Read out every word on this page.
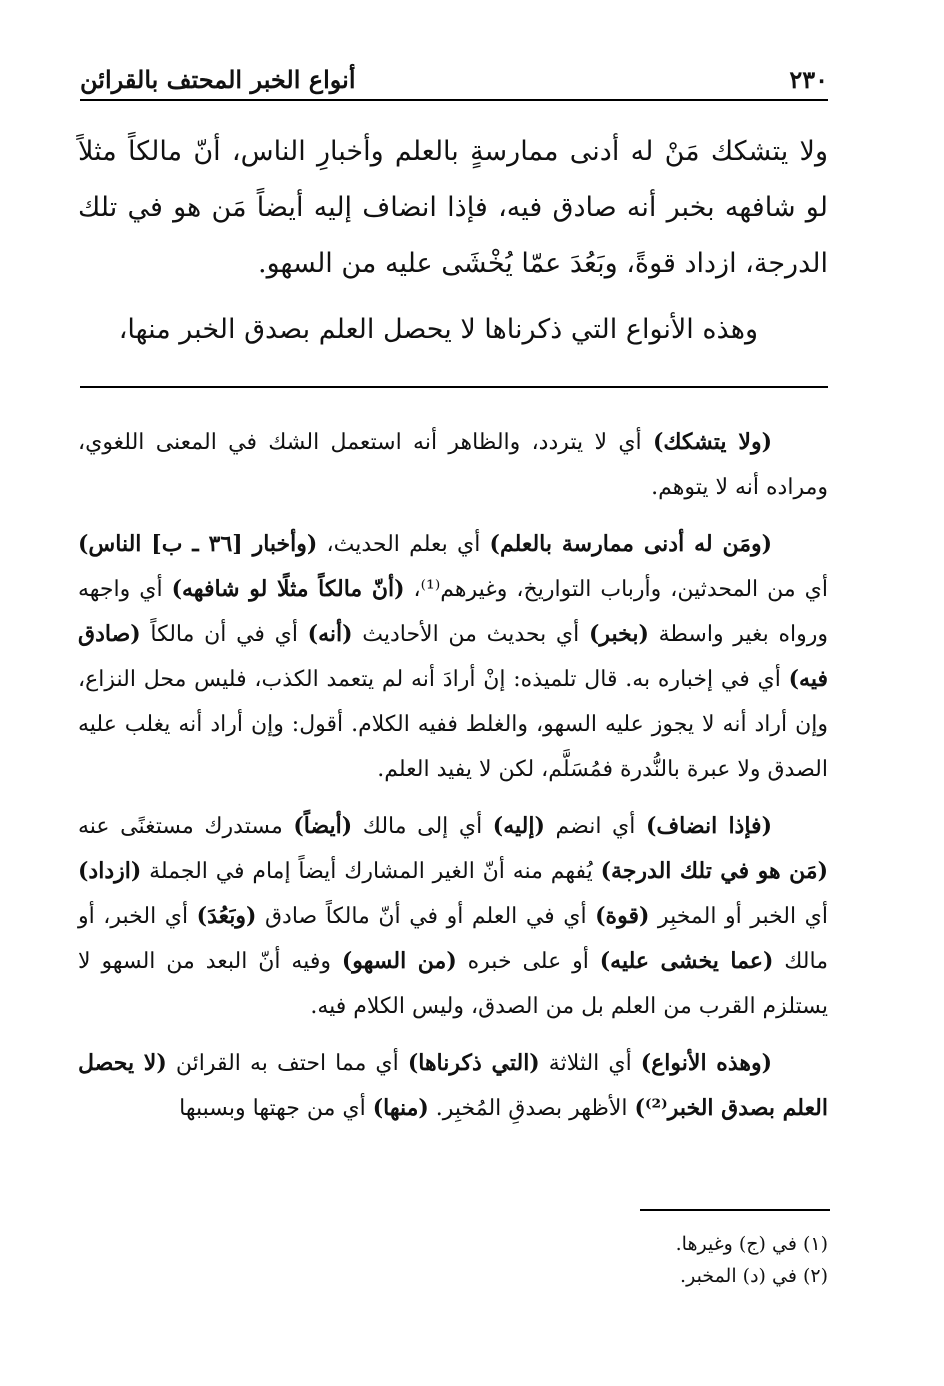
٢٣٠
أنواع الخبر المحتف بالقرائن

ولا يتشكك مَنْ له أدنى ممارسةٍ بالعلم وأخبارِ الناس، أنّ مالكاً مثلاً لو شافهه بخبر أنه صادق فيه، فإذا انضاف إليه أيضاً مَن هو في تلك الدرجة، ازداد قوةً، وبَعُدَ عمّا يُخْشَى عليه من السهو.

وهذه الأنواع التي ذكرناها لا يحصل العلم بصدق الخبر منها،

(ولا يتشكك) أي لا يتردد، والظاهر أنه استعمل الشك في المعنى اللغوي، ومراده أنه لا يتوهم.

(ومَن له أدنى ممارسة بالعلم) أي بعلم الحديث، (وأخبار [٣٦ ـ ب] الناس) أي من المحدثين، وأرباب التواريخ، وغيرهم⁽¹⁾، (أنّ مالكاً مثلًا لو شافهه) أي واجهه ورواه بغير واسطة (بخبر) أي بحديث من الأحاديث (أنه) أي في أن مالكاً (صادق فيه) أي في إخباره به. قال تلميذه: إنْ أرادَ أنه لم يتعمد الكذب، فليس محل النزاع، وإن أراد أنه لا يجوز عليه السهو، والغلط ففيه الكلام. أقول: وإن أراد أنه يغلب عليه الصدق ولا عبرة بالنُّدرة فمُسَلَّم، لكن لا يفيد العلم.

(فإذا انضاف) أي انضم (إليه) أي إلى مالك (أيضاً) مستدرك مستغنًى عنه (مَن هو في تلك الدرجة) يُفهم منه أنّ الغير المشارك أيضاً إمام في الجملة (ازداد) أي الخبر أو المخبِر (قوة) أي في العلم أو في أنّ مالكاً صادق (وبَعُدَ) أي الخبر، أو مالك (عما يخشى عليه) أو على خبره (من السهو) وفيه أنّ البعد من السهو لا يستلزم القرب من العلم بل من الصدق، وليس الكلام فيه.

(وهذه الأنواع) أي الثلاثة (التي ذكرناها) أي مما احتف به القرائن (لا يحصل العلم بصدق الخبر⁽²⁾) الأظهر بصدقِ المُخبِر. (منها) أي من جهتها وبسببها

(١) في (ج) وغيرها.
(٢) في (د) المخبر.
